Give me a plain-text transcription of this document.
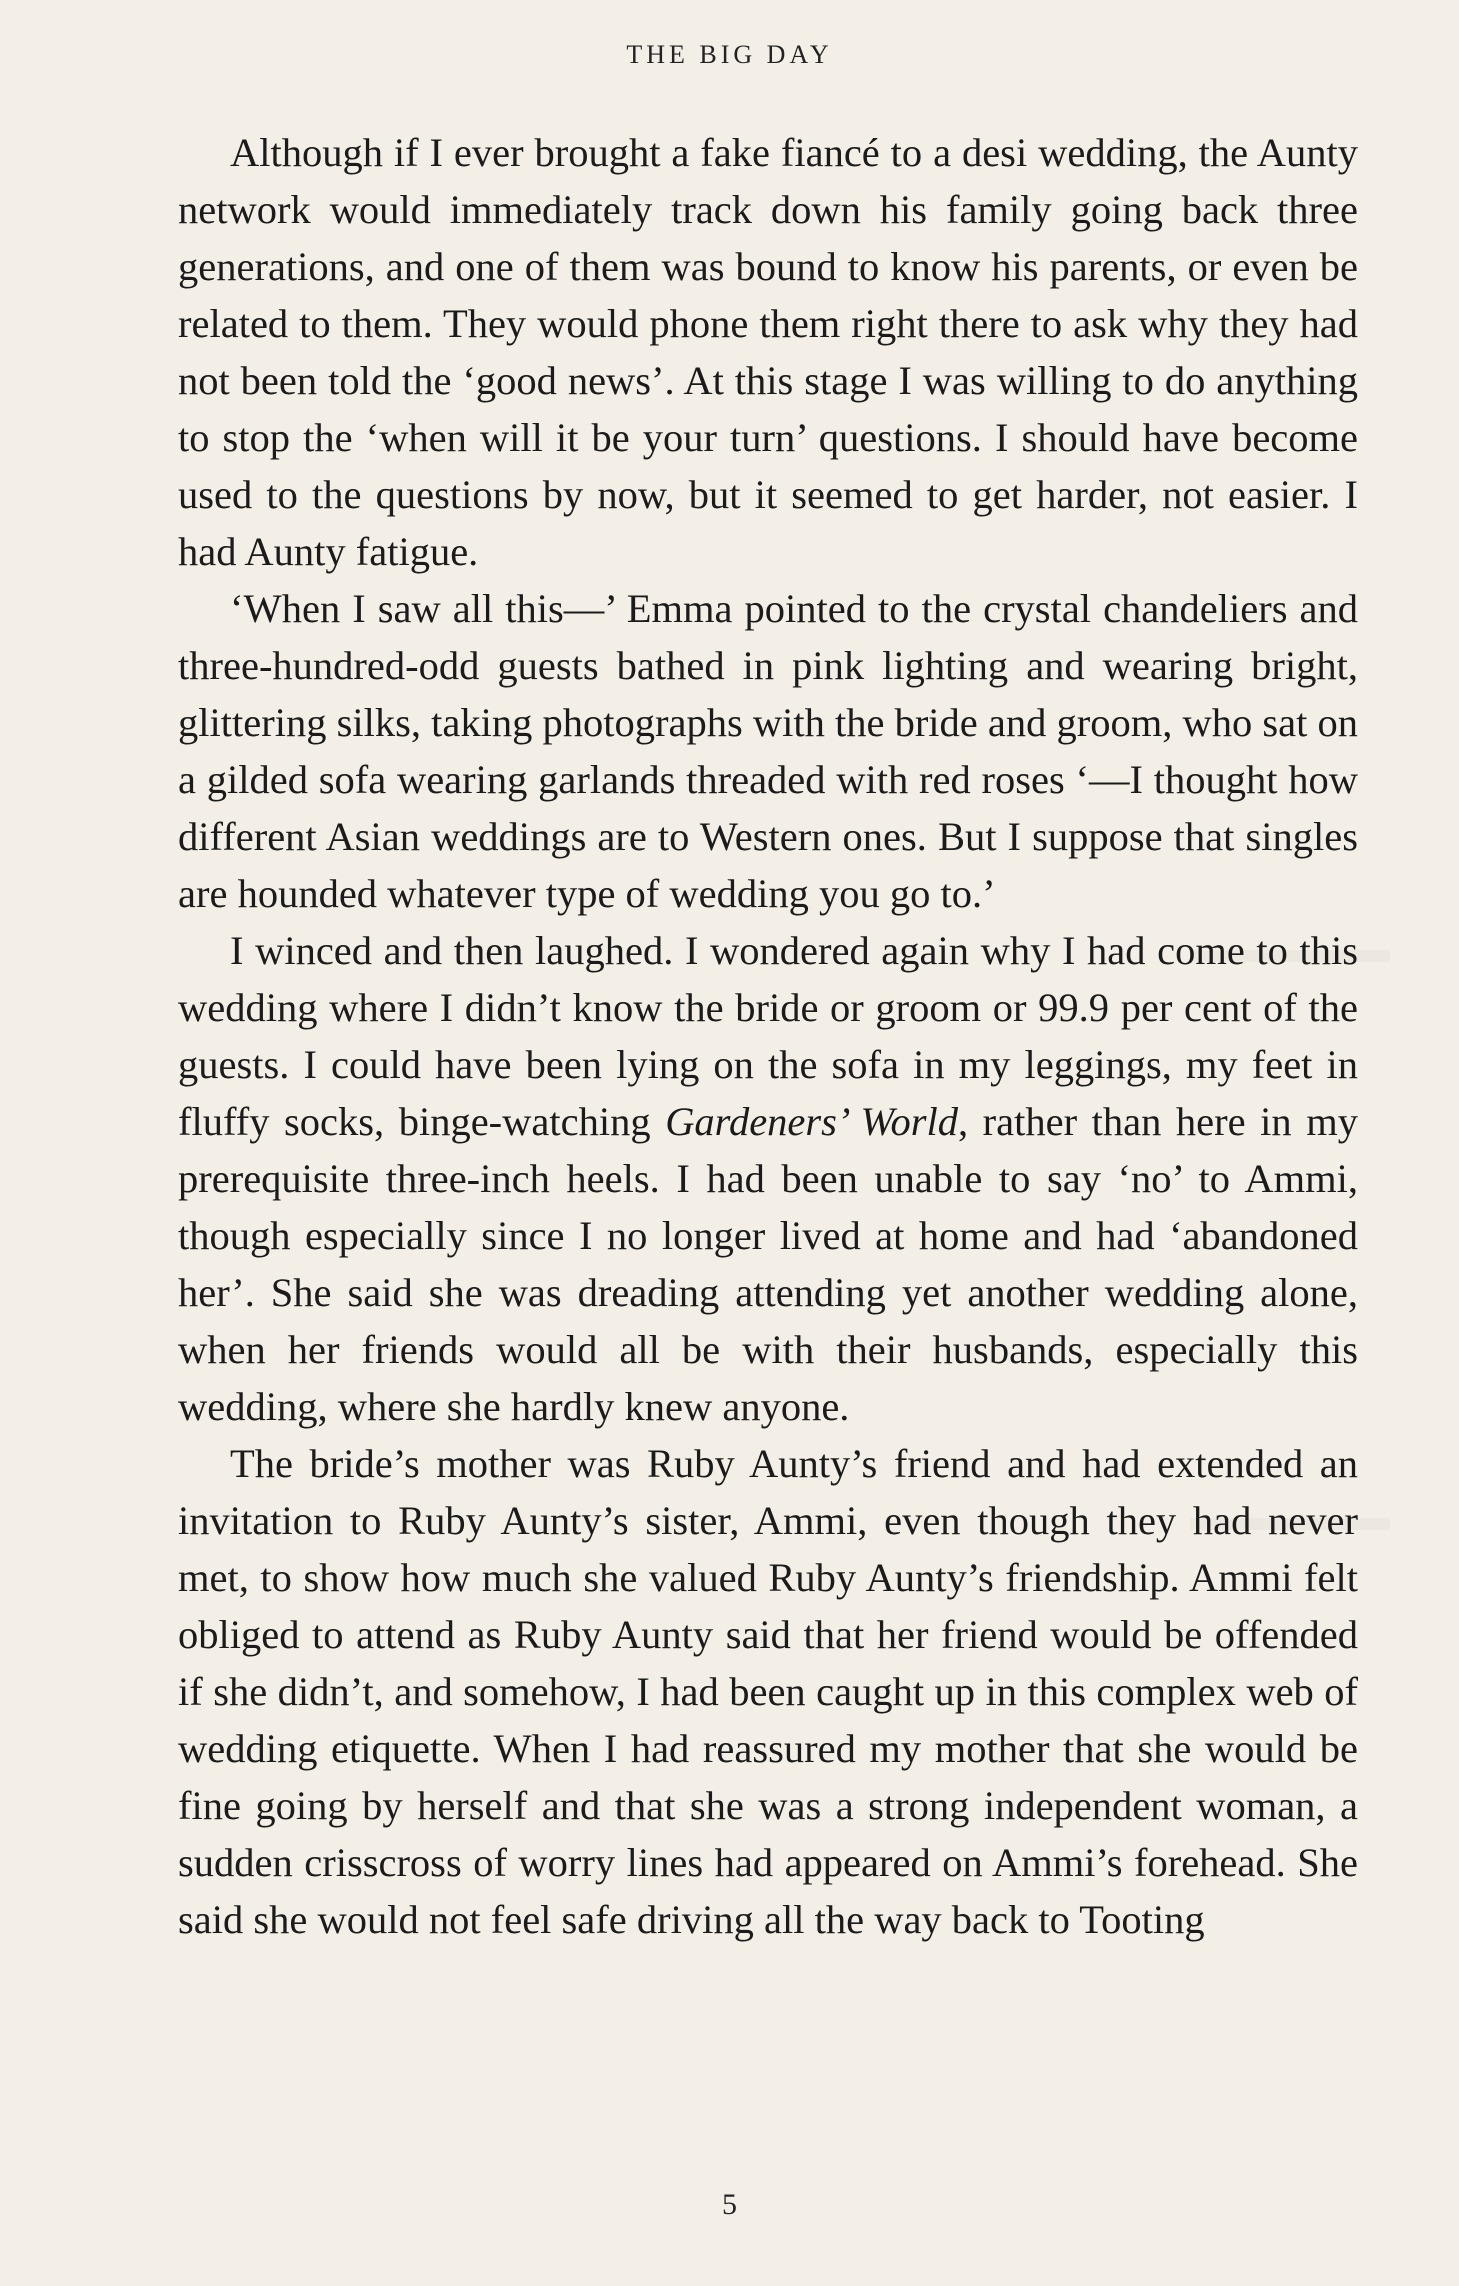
THE BIG DAY

Although if I ever brought a fake fiancé to a desi wedding, the Aunty network would immediately track down his family going back three generations, and one of them was bound to know his parents, or even be related to them. They would phone them right there to ask why they had not been told the ‘good news’. At this stage I was willing to do anything to stop the ‘when will it be your turn’ questions. I should have become used to the questions by now, but it seemed to get harder, not easier. I had Aunty fatigue.

‘When I saw all this—’ Emma pointed to the crystal chandeliers and three-hundred-odd guests bathed in pink lighting and wearing bright, glittering silks, taking photographs with the bride and groom, who sat on a gilded sofa wearing garlands threaded with red roses ‘—I thought how different Asian weddings are to Western ones. But I suppose that singles are hounded whatever type of wedding you go to.’

I winced and then laughed. I wondered again why I had come to this wedding where I didn’t know the bride or groom or 99.9 per cent of the guests. I could have been lying on the sofa in my leggings, my feet in fluffy socks, binge-watching Gardeners’ World, rather than here in my prerequisite three-inch heels. I had been unable to say ‘no’ to Ammi, though especially since I no longer lived at home and had ‘abandoned her’. She said she was dreading attending yet another wedding alone, when her friends would all be with their husbands, especially this wedding, where she hardly knew anyone.

The bride’s mother was Ruby Aunty’s friend and had extended an invitation to Ruby Aunty’s sister, Ammi, even though they had never met, to show how much she valued Ruby Aunty’s friendship. Ammi felt obliged to attend as Ruby Aunty said that her friend would be offended if she didn’t, and somehow, I had been caught up in this complex web of wedding etiquette. When I had reassured my mother that she would be fine going by herself and that she was a strong independent woman, a sudden crisscross of worry lines had appeared on Ammi’s forehead. She said she would not feel safe driving all the way back to Tooting

5
